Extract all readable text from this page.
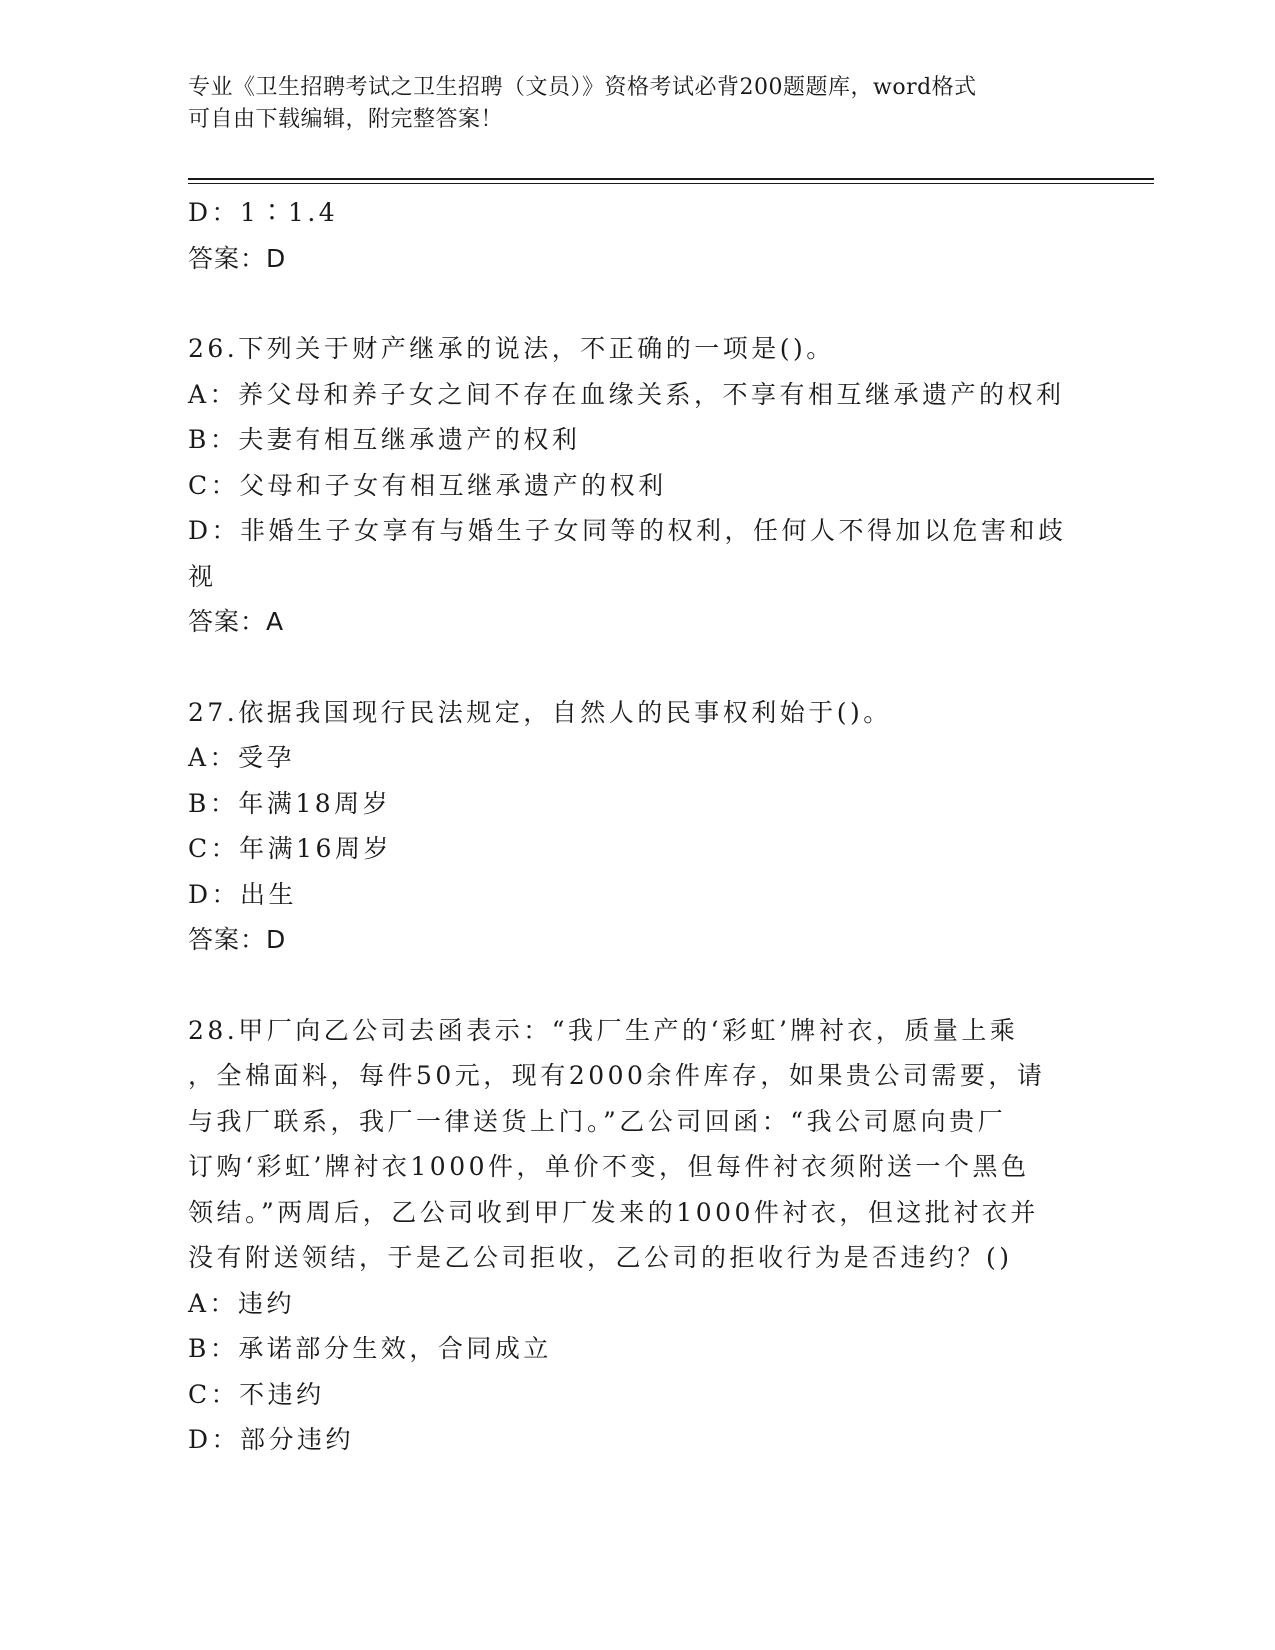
专业《卫生招聘考试之卫生招聘（文员）》资格考试必背200题题库，word格式
可自由下载编辑，附完整答案！

D：1∶1.4

答案：D

26.下列关于财产继承的说法，不正确的一项是()。

A：养父母和养子女之间不存在血缘关系，不享有相互继承遗产的权利

B：夫妻有相互继承遗产的权利

C：父母和子女有相互继承遗产的权利

D：非婚生子女享有与婚生子女同等的权利，任何人不得加以危害和歧

视

答案：A

27.依据我国现行民法规定，自然人的民事权利始于()。

A：受孕

B：年满18周岁

C：年满16周岁

D：出生

答案：D

28.甲厂向乙公司去函表示：“我厂生产的‘彩虹’牌衬衣，质量上乘

，全棉面料，每件50元，现有2000余件库存，如果贵公司需要，请

与我厂联系，我厂一律送货上门。”乙公司回函：“我公司愿向贵厂

订购‘彩虹’牌衬衣1000件，单价不变，但每件衬衣须附送一个黑色

领结。”两周后，乙公司收到甲厂发来的1000件衬衣，但这批衬衣并

没有附送领结，于是乙公司拒收，乙公司的拒收行为是否违约？()

A：违约

B：承诺部分生效，合同成立

C：不违约

D：部分违约
